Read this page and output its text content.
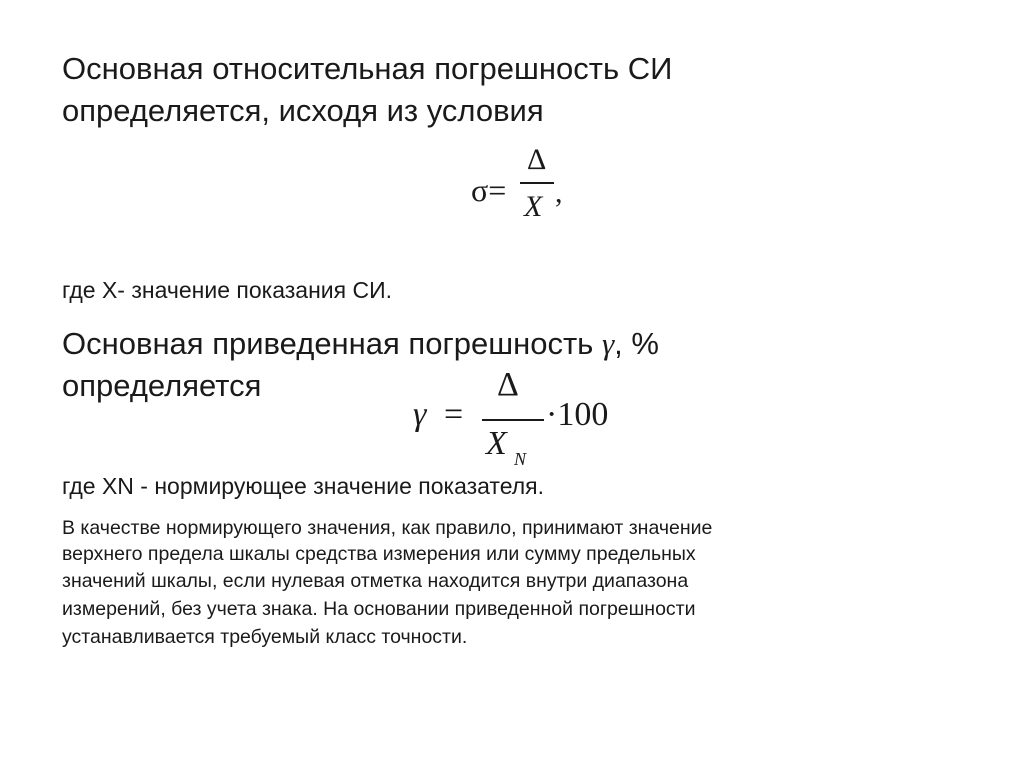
Основная относительная погрешность СИ

определяется, исходя из условия

σ=
Δ
X ,

где X- значение показания СИ.

Основная приведенная погрешность γ, %

определяется

γ =
Δ
X N
·100

где XN - нормирующее значение показателя.

В качестве нормирующего значения, как правило, принимают значение

верхнего предела шкалы средства измерения или сумму предельных

значений шкалы, если нулевая отметка находится внутри диапазона

измерений, без учета знака. На основании приведенной погрешности

устанавливается требуемый класс точности.
